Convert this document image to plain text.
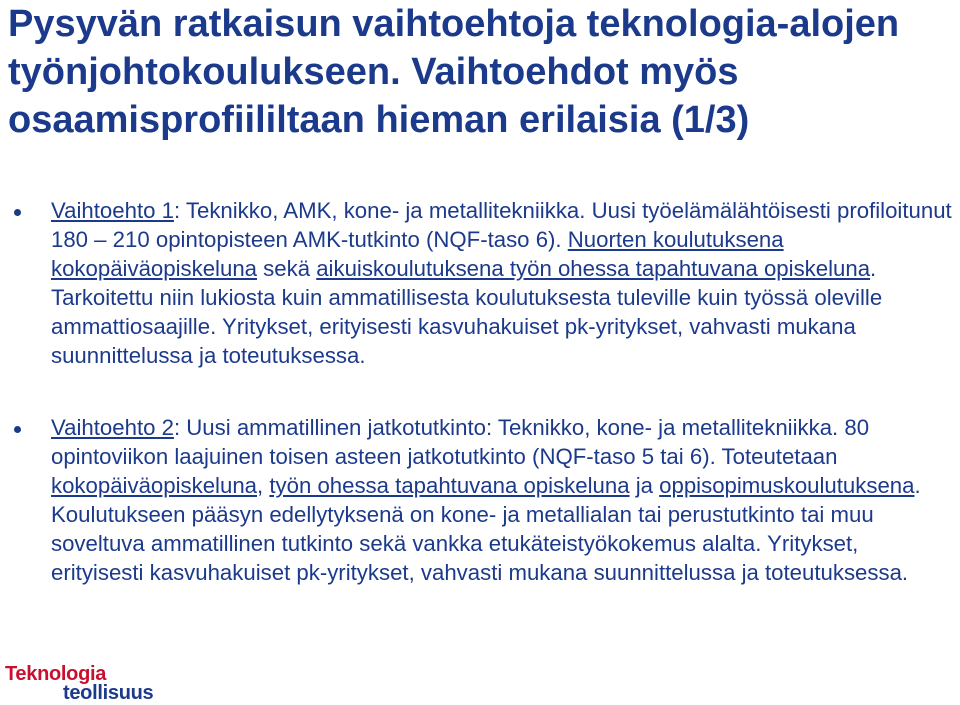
Pysyvän ratkaisun vaihtoehtoja teknologia-alojen työnjohtokoulukseen. Vaihtoehdot myös osaamisprofiililtaan hieman erilaisia (1/3)
Vaihtoehto 1: Teknikko, AMK, kone- ja metallitekniikka. Uusi työelämälähtöisesti profiloitunut 180 – 210 opintopisteen AMK-tutkinto (NQF-taso 6). Nuorten koulutuksena kokopäiväopiskeluna sekä aikuiskoulutuksena työn ohessa tapahtuvana opiskeluna. Tarkoitettu niin lukiosta kuin ammatillisesta koulutuksesta tuleville kuin työssä oleville ammattiosaajille. Yritykset, erityisesti kasvuhakuiset pk-yritykset, vahvasti mukana suunnittelussa ja toteutuksessa.
Vaihtoehto 2: Uusi ammatillinen jatkotutkinto: Teknikko, kone- ja metallitekniikka. 80 opintoviikon laajuinen toisen asteen jatkotutkinto (NQF-taso 5 tai 6). Toteutetaan kokopäiväopiskeluna, työn ohessa tapahtuvana opiskeluna ja oppisopimuskoulutuksena. Koulutukseen pääsyn edellytyksenä on kone- ja metallialan tai perustutkinto tai muu soveltuva ammatillinen tutkinto sekä vankka etukäteistyökokemus alalta. Yritykset, erityisesti kasvuhakuiset pk-yritykset, vahvasti mukana suunnittelussa ja toteutuksessa.
Teknologia
teollisuus
